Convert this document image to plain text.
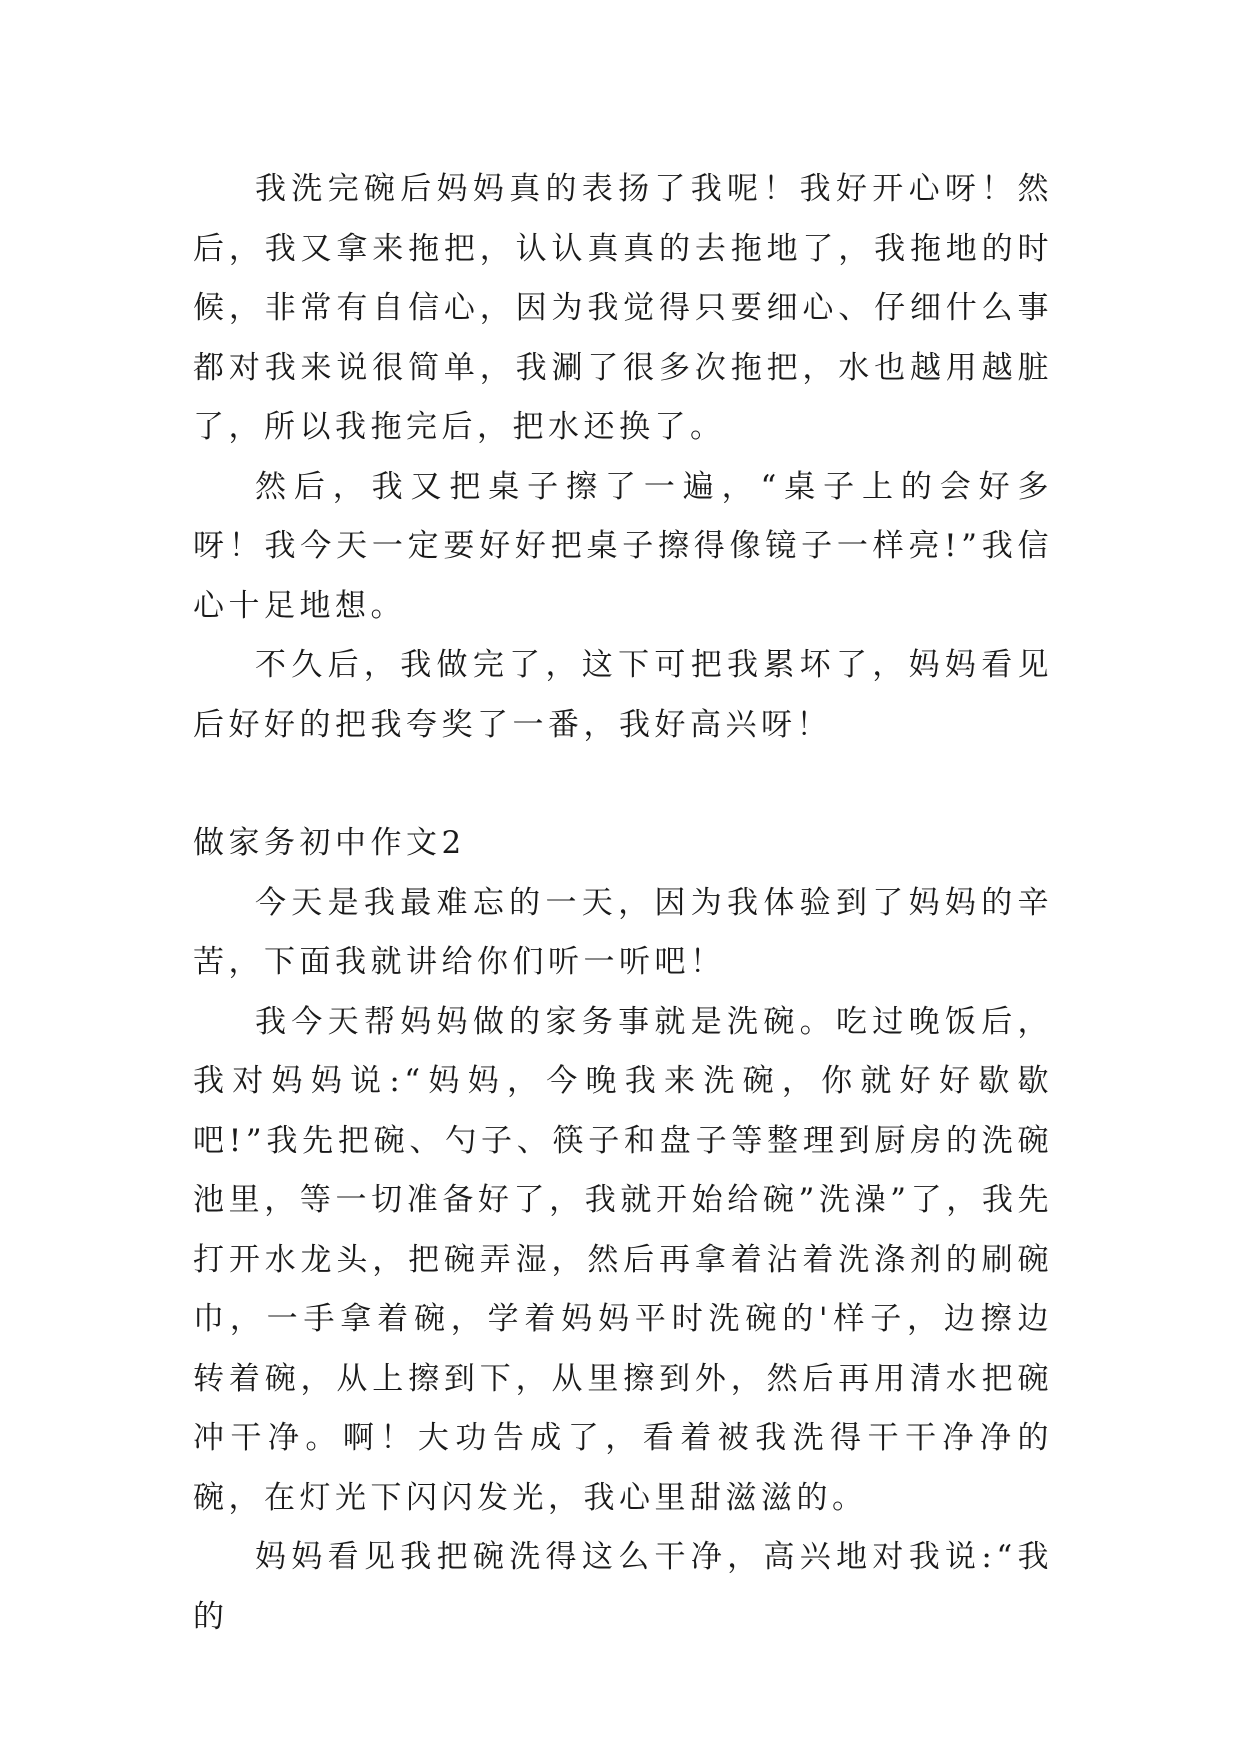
我洗完碗后妈妈真的表扬了我呢！我好开心呀！然后，我又拿来拖把，认认真真的去拖地了，我拖地的时候，非常有自信心，因为我觉得只要细心、仔细什么事都对我来说很简单，我涮了很多次拖把，水也越用越脏了，所以我拖完后，把水还换了。

然后，我又把桌子擦了一遍，“桌子上的会好多呀！我今天一定要好好把桌子擦得像镜子一样亮!”我信心十足地想。

不久后，我做完了，这下可把我累坏了，妈妈看见后好好的把我夸奖了一番，我好高兴呀！

做家务初中作文2

今天是我最难忘的一天，因为我体验到了妈妈的辛苦，下面我就讲给你们听一听吧！

我今天帮妈妈做的家务事就是洗碗。吃过晚饭后，我对妈妈说:“妈妈，今晚我来洗碗，你就好好歇歇吧!”我先把碗、勺子、筷子和盘子等整理到厨房的洗碗池里，等一切准备好了，我就开始给碗”洗澡”了，我先打开水龙头，把碗弄湿，然后再拿着沾着洗涤剂的刷碗巾，一手拿着碗，学着妈妈平时洗碗的'样子，边擦边转着碗，从上擦到下，从里擦到外，然后再用清水把碗冲干净。啊！大功告成了，看着被我洗得干干净净的碗，在灯光下闪闪发光，我心里甜滋滋的。

妈妈看见我把碗洗得这么干净，高兴地对我说:“我的
